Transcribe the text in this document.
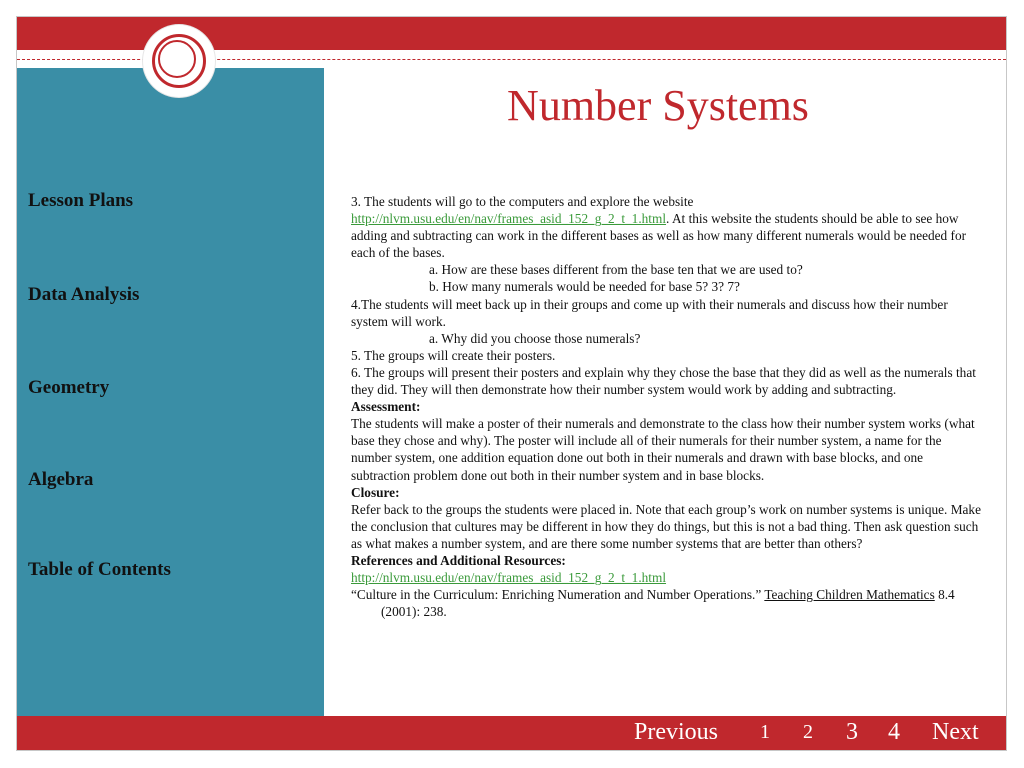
Number Systems
Lesson Plans
Data Analysis
Geometry
Algebra
Table of Contents

3. The students will go to the computers and explore the website
http://nlvm.usu.edu/en/nav/frames_asid_152_g_2_t_1.html. At this website the students should be able to see how adding and subtracting can work in the different bases as well as how many different numerals would be needed for each of the bases.

a. How are these bases different from the base ten that we are used to?

b. How many numerals would be needed for base 5? 3? 7?

4.The students will meet back up in their groups and come up with their numerals and discuss how their number system will work.

a. Why did you choose those numerals?

5. The groups will create their posters.

6. The groups will present their posters and explain why they chose the base that they did as well as the numerals that they did. They will then demonstrate how their number system would work by adding and subtracting.

Assessment:

The students will make a poster of their numerals and demonstrate to the class how their number system works (what base they chose and why). The poster will include all of their numerals for their number system, a name for the number system, one addition equation done out both in their numerals and drawn with base blocks, and one subtraction problem done out both in their number system and in base blocks.

Closure:

Refer back to the groups the students were placed in. Note that each group’s work on number systems is unique. Make the conclusion that cultures may be different in how they do things, but this is not a bad thing. Then ask question such as what makes a number system, and are there some number systems that are better than others?

References and Additional Resources:

http://nlvm.usu.edu/en/nav/frames_asid_152_g_2_t_1.html

“Culture in the Curriculum: Enriching Numeration and Number Operations.” Teaching Children Mathematics 8.4 (2001): 238.

Previous 1 2 3 4 Next
